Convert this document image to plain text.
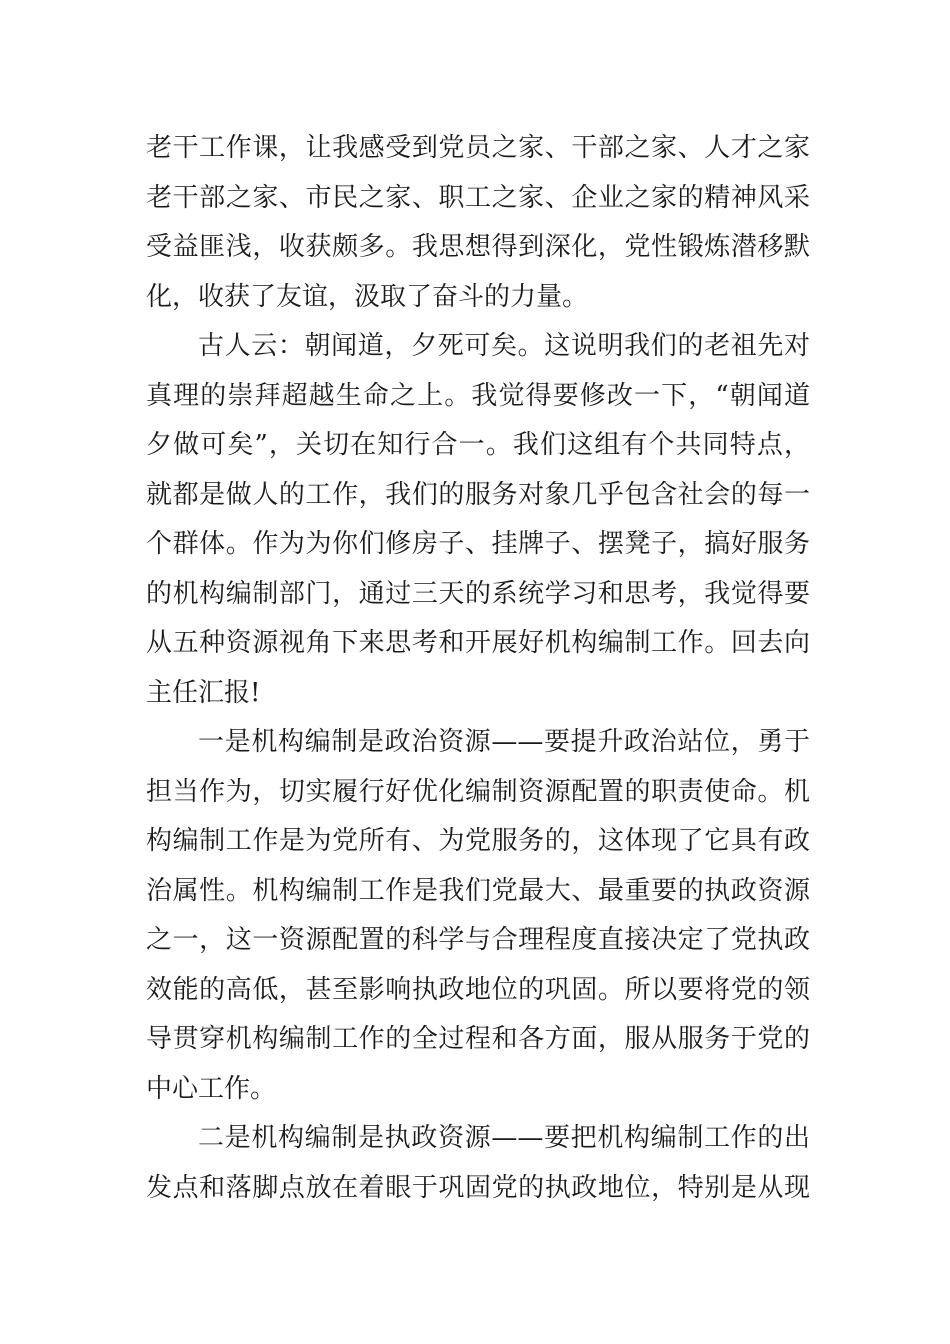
老干工作课，让我感受到党员之家、干部之家、人才之家
老干部之家、市民之家、职工之家、企业之家的精神风采
受益匪浅，收获颇多。我思想得到深化，党性锻炼潜移默
化，收获了友谊，汲取了奋斗的力量。
古人云：朝闻道，夕死可矣。这说明我们的老祖先对
真理的崇拜超越生命之上。我觉得要修改一下，“朝闻道
夕做可矣”，关切在知行合一。我们这组有个共同特点，
就都是做人的工作，我们的服务对象几乎包含社会的每一
个群体。作为为你们修房子、挂牌子、摆凳子，搞好服务
的机构编制部门，通过三天的系统学习和思考，我觉得要
从五种资源视角下来思考和开展好机构编制工作。回去向
主任汇报!
一是机构编制是政治资源——要提升政治站位，勇于
担当作为，切实履行好优化编制资源配置的职责使命。机
构编制工作是为党所有、为党服务的，这体现了它具有政
治属性。机构编制工作是我们党最大、最重要的执政资源
之一，这一资源配置的科学与合理程度直接决定了党执政
效能的高低，甚至影响执政地位的巩固。所以要将党的领
导贯穿机构编制工作的全过程和各方面，服从服务于党的
中心工作。
二是机构编制是执政资源——要把机构编制工作的出
发点和落脚点放在着眼于巩固党的执政地位，特别是从现
